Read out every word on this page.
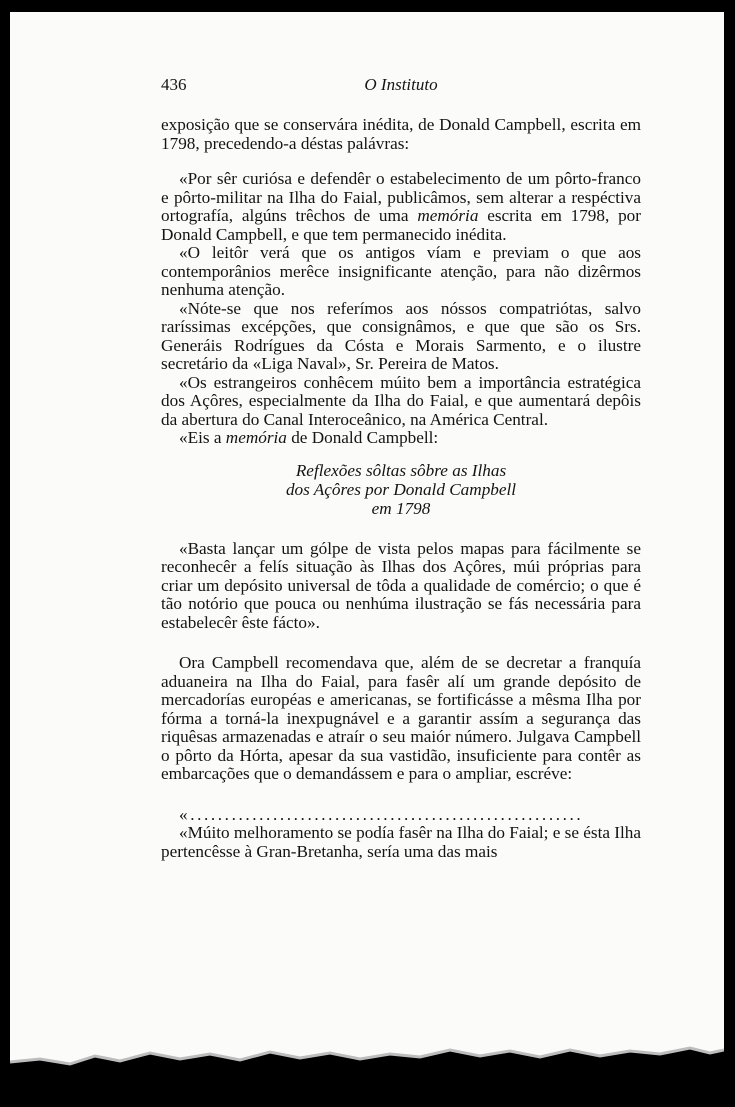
436	O Instituto

exposição que se conservára inédita, de Donald Campbell, escrita em 1798, precedendo-a déstas palávras:

«Por sêr curiósa e defendêr o estabelecimento de um pôrto-franco e pôrto-militar na Ilha do Faial, publicâmos, sem alterar a respéctiva ortografía, algúns trêchos de uma memória escrita em 1798, por Donald Campbell, e que tem permanecido inédita.

«O leitôr verá que os antigos víam e previam o que aos contemporânios merêce insignificante atenção, para não dizêrmos nenhuma atenção.

«Nóte-se que nos referímos aos nóssos compatriótas, salvo raríssimas excépções, que consignâmos, e que que são os Srs. Generáis Rodrígues da Cósta e Morais Sarmento, e o ilustre secretário da «Liga Naval», Sr. Pereira de Matos.

«Os estrangeiros conhêcem múito bem a importância estratégica dos Açôres, especialmente da Ilha do Faial, e que aumentará depôis da abertura do Canal Interoceânico, na América Central.

«Eis a memória de Donald Campbell:

Reflexões sôltas sôbre as Ilhas
dos Açôres por Donald Campbell
em 1798

«Basta lançar um gólpe de vista pelos mapas para fácilmente se reconhecêr a felís situação às Ilhas dos Açôres, múi próprias para criar um depósito universal de tôda a qualidade de comércio; o que é tão notório que pouca ou nenhúma ilustração se fás necessária para estabelecêr êste fácto».

Ora Campbell recomendava que, além de se decretar a franquía aduaneira na Ilha do Faial, para fasêr alí um grande depósito de mercadorías européas e americanas, se fortificásse a mêsma Ilha por fórma a torná-la inexpugnável e a garantir assím a segurança das riquêsas armazenadas e atraír o seu maiór número. Julgava Campbell o pôrto da Hórta, apesar da sua vastidão, insuficiente para contêr as embarcações que o demandássem e para o ampliar, escréve:

«.........................................................

«Múito melhoramento se podía fasêr na Ilha do Faial; e se ésta Ilha pertencêsse à Gran-Bretanha, sería uma das mais
